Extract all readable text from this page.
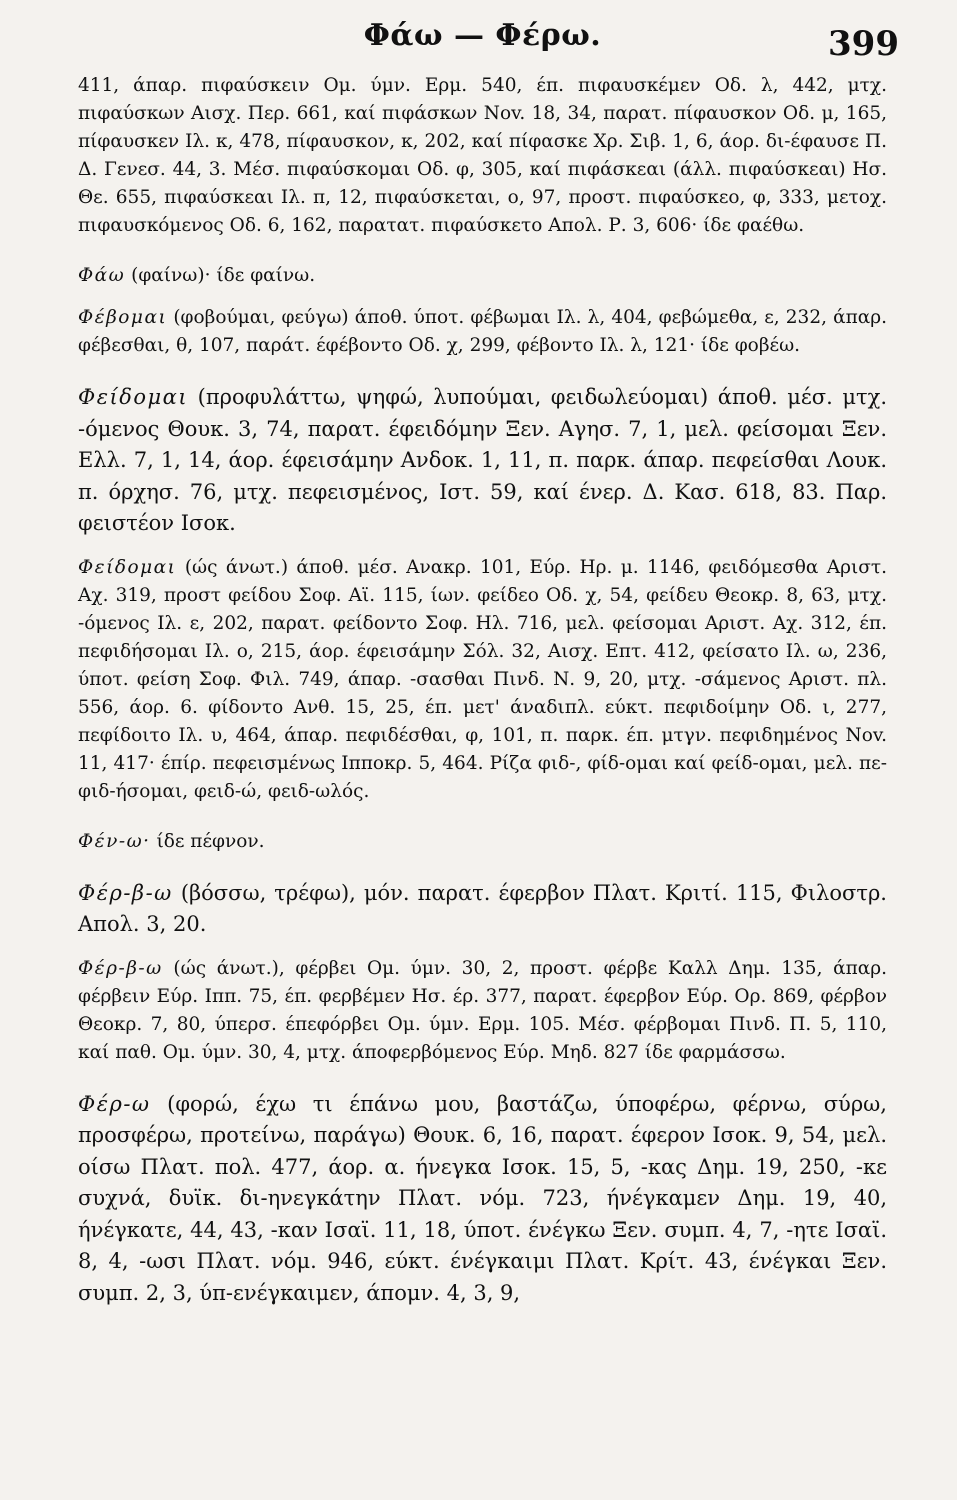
Φάω — Φέρω.	399

411, άπαρ. πιφαύσκειν Ομ. ύμν. Ερμ. 540, έπ. πιφαυσκέμεν Οδ. λ, 442, μτχ. πιφαύσκων Αισχ. Περ. 661, καί πιφάσκων Nov. 18, 34, παρατ. πίφαυσκον Οδ. μ, 165, πίφαυσκεν Ιλ. κ, 478, πίφαυσκον, κ, 202, καί πίφασκε Χρ. Σιβ. 1, 6, άορ. δι-έφαυσε Π. Δ. Γενεσ. 44, 3. Μέσ. πιφαύσκομαι Οδ. φ, 305, καί πιφάσκεαι (άλλ. πιφαύσκεαι) Ησ. Θε. 655, πιφαύσκεαι Ιλ. π, 12, πιφαύσκεται, ο, 97, προστ. πιφαύσκεο, φ, 333, μετοχ. πιφαυσκόμενος Οδ. 6, 162, παρατατ. πιφαύσκετο Απολ. Ρ. 3, 606· ίδε φαέθω.

Φάω (φαίνω)· ίδε φαίνω.

Φέβομαι (φοβούμαι, φεύγω) άποθ. ύποτ. φέβωμαι Ιλ. λ, 404, φεβώμεθα, ε, 232, άπαρ. φέβεσθαι, θ, 107, παράτ. έφέβοντο Οδ. χ, 299, φέβοντο Ιλ. λ, 121· ίδε φοβέω.

Φείδομαι (προφυλάττω, ψηφώ, λυπούμαι, φειδωλεύομαι) άποθ. μέσ. μτχ. -όμενος Θουκ. 3, 74, παρατ. έφειδόμην Ξεν. Αγησ. 7, 1, μελ. φείσομαι Ξεν. Ελλ. 7, 1, 14, άορ. έφεισάμην Ανδοκ. 1, 11, π. παρκ. άπαρ. πεφείσθαι Λουκ. π. όρχησ. 76, μτχ. πεφεισμένος, Ιστ. 59, καί ένερ. Δ. Κασ. 618, 83. Παρ. φειστέον Ισοκ.

Φείδομαι (ώς άνωτ.) άποθ. μέσ. Ανακρ. 101, Εύρ. Ηρ. μ. 1146, φειδόμεσθα Αριστ. Αχ. 319, προστ φείδου Σοφ. Αϊ. 115, ίων. φείδεο Οδ. χ, 54, φείδευ Θεοκρ. 8, 63, μτχ. -όμενος Ιλ. ε, 202, παρατ. φείδοντο Σοφ. Ηλ. 716, μελ. φείσομαι Αριστ. Αχ. 312, έπ. πεφιδήσομαι Ιλ. ο, 215, άορ. έφεισάμην Σόλ. 32, Αισχ. Επτ. 412, φείσατο Ιλ. ω, 236, ύποτ. φείση Σοφ. Φιλ. 749, άπαρ. -σασθαι Πινδ. Ν. 9, 20, μτχ. -σάμενος Αριστ. πλ. 556, άορ. 6. φίδοντο Ανθ. 15, 25, έπ. μετ' άναδιπλ. εύκτ. πεφιδοίμην Οδ. ι, 277, πεφίδοιτο Ιλ. υ, 464, άπαρ. πεφιδέσθαι, φ, 101, π. παρκ. έπ. μτγν. πεφιδημένος Nov. 11, 417· έπίρ. πεφεισμένως Ιπποκρ. 5, 464. Ρίζα φιδ-, φίδ-ομαι καί φείδ-ομαι, μελ. πε-φιδ-ήσομαι, φειδ-ώ, φειδ-ωλός.

Φέν-ω· ίδε πέφνον.

Φέρ-β-ω (βόσσω, τρέφω), μόν. παρατ. έφερβον Πλατ. Κριτί. 115, Φιλοστρ. Απολ. 3, 20.

Φέρ-β-ω (ώς άνωτ.), φέρβει Ομ. ύμν. 30, 2, προστ. φέρβε Καλλ Δημ. 135, άπαρ. φέρβειν Εύρ. Ιππ. 75, έπ. φερβέμεν Ησ. έρ. 377, παρατ. έφερβον Εύρ. Ορ. 869, φέρβον Θεοκρ. 7, 80, ύπερσ. έπεφόρβει Ομ. ύμν. Ερμ. 105. Μέσ. φέρβομαι Πινδ. Π. 5, 110, καί παθ. Ομ. ύμν. 30, 4, μτχ. άποφερβόμενος Εύρ. Μηδ. 827 ίδε φαρμάσσω.

Φέρ-ω (φορώ, έχω τι έπάνω μου, βαστάζω, ύποφέρω, φέρνω, σύρω, προσφέρω, προτείνω, παράγω) Θουκ. 6, 16, παρατ. έφερον Ισοκ. 9, 54, μελ. οίσω Πλατ. πολ. 477, άορ. α. ήνεγκα Ισοκ. 15, 5, -κας Δημ. 19, 250, -κε συχνά, δυϊκ. δι-ηνεγκάτην Πλατ. νόμ. 723, ήνέγκαμεν Δημ. 19, 40, ήνέγκατε, 44, 43, -καν Ισαϊ. 11, 18, ύποτ. ένέγκω Ξεν. συμπ. 4, 7, -ητε Ισαϊ. 8, 4, -ωσι Πλατ. νόμ. 946, εύκτ. ένέγκαιμι Πλατ. Κρίτ. 43, ένέγκαι Ξεν. συμπ. 2, 3, ύπ-ενέγκαιμεν, άπομν. 4, 3, 9,
